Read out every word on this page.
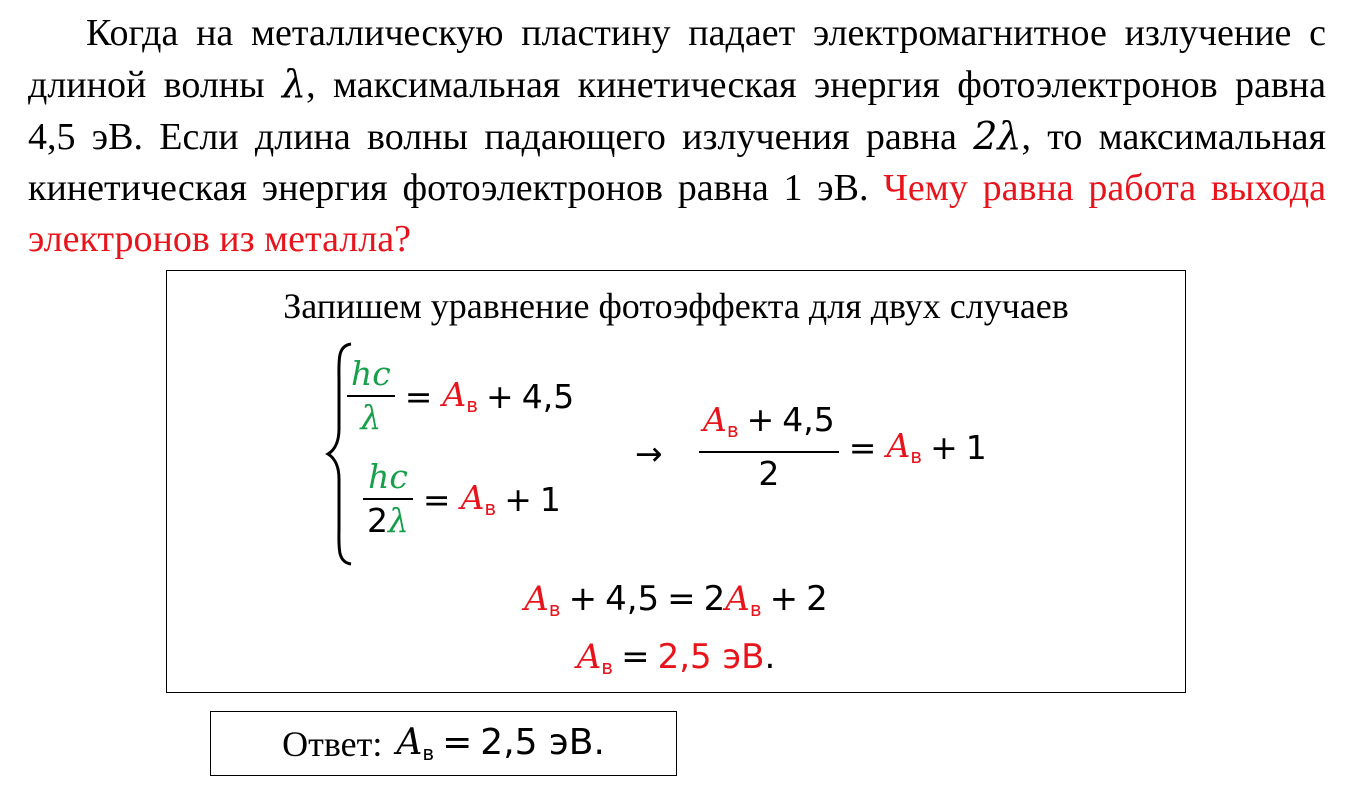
Когда на металлическую пластину падает электромагнитное излучение с длиной волны λ, максимальная кинетическая энергия фотоэлектронов равна 4,5 эВ. Если длина волны падающего излучения равна 2λ, то максимальная кинетическая энергия фотоэлектронов равна 1 эВ. Чему равна работа выхода электронов из металла?
Запишем уравнение фотоэффекта для двух случаев
$\frac{hc}{\lambda} = A_в + 4,5$
$\frac{hc}{2\lambda} = A_в + 1$
→ $\frac{A_в + 4,5}{2} = A_в + 1$
$A_в + 4,5 = 2A_в + 2$
$A_в = 2,5$ эВ.
Ответ: $A_в = 2,5$ эВ.
